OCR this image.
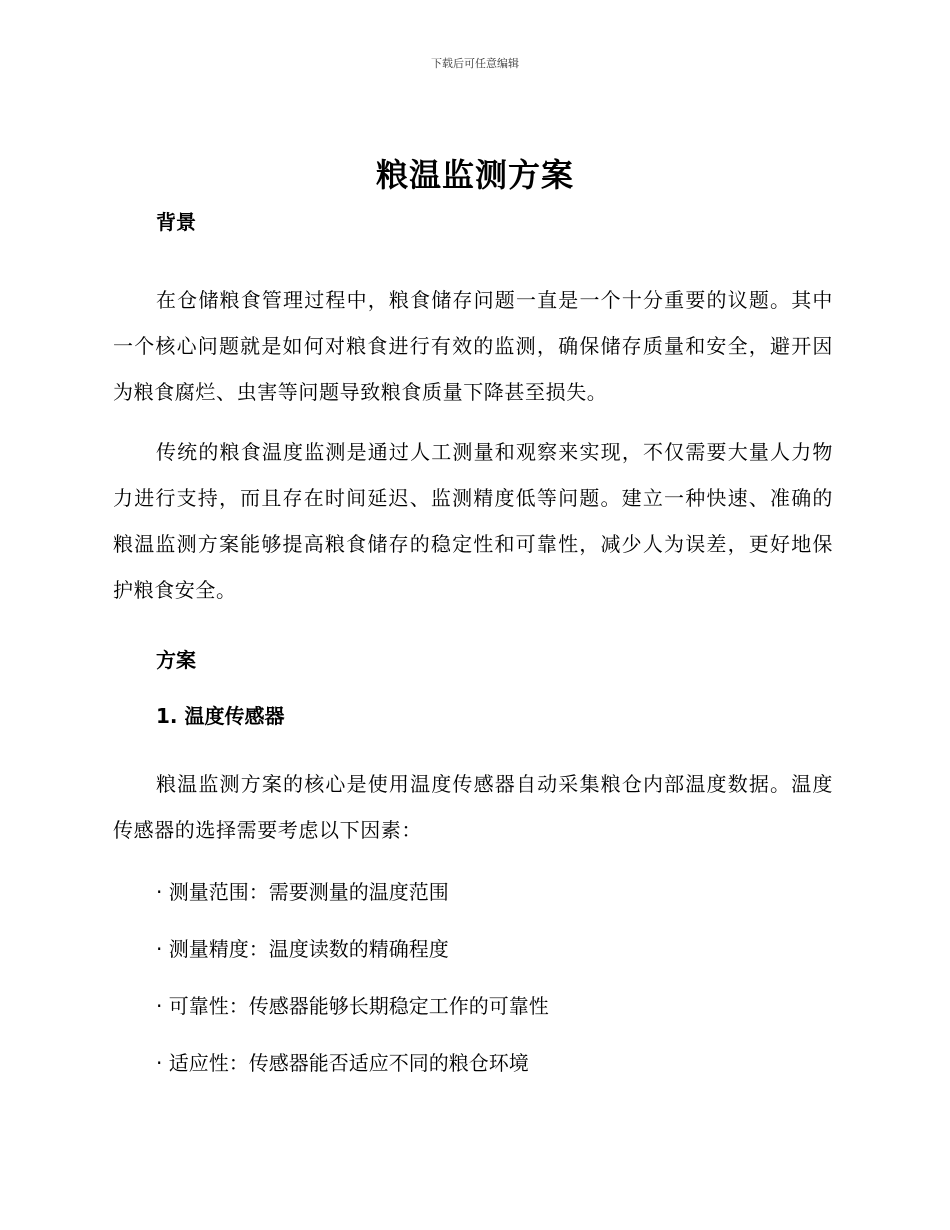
下载后可任意编辑
粮温监测方案

背景

在仓储粮食管理过程中，粮食储存问题一直是一个十分重要的议题。其中一个核心问题就是如何对粮食进行有效的监测，确保储存质量和安全，避开因为粮食腐烂、虫害等问题导致粮食质量下降甚至损失。

传统的粮食温度监测是通过人工测量和观察来实现，不仅需要大量人力物力进行支持，而且存在时间延迟、监测精度低等问题。建立一种快速、准确的粮温监测方案能够提高粮食储存的稳定性和可靠性，减少人为误差，更好地保护粮食安全。

方案

1. 温度传感器

粮温监测方案的核心是使用温度传感器自动采集粮仓内部温度数据。温度传感器的选择需要考虑以下因素：

· 测量范围：需要测量的温度范围

· 测量精度：温度读数的精确程度

· 可靠性：传感器能够长期稳定工作的可靠性

· 适应性：传感器能否适应不同的粮仓环境
